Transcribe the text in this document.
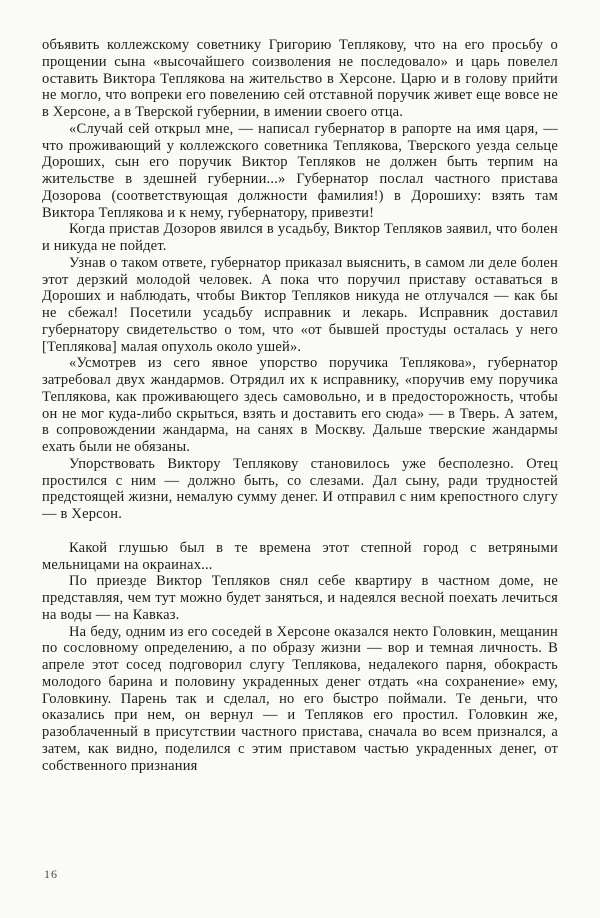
объявить коллежскому советнику Григорию Теплякову, что на его просьбу о прощении сына «высочайшего соизволения не последовало» и царь повелел оставить Виктора Теплякова на жительство в Херсоне. Царю и в голову прийти не могло, что вопреки его повелению сей отставной поручик живет еще вовсе не в Херсоне, а в Тверской губернии, в имении своего отца.

«Случай сей открыл мне, — написал губернатор в рапорте на имя царя, — что проживающий у коллежского советника Теплякова, Тверского уезда сельце Дороших, сын его поручик Виктор Тепляков не должен быть терпим на жительстве в здешней губернии...» Губернатор послал частного пристава Дозорова (соответствующая должности фамилия!) в Дорошиху: взять там Виктора Теплякова и к нему, губернатору, привезти!

Когда пристав Дозоров явился в усадьбу, Виктор Тепляков заявил, что болен и никуда не пойдет.

Узнав о таком ответе, губернатор приказал выяснить, в самом ли деле болен этот дерзкий молодой человек. А пока что поручил приставу оставаться в Дороших и наблюдать, чтобы Виктор Тепляков никуда не отлучался — как бы не сбежал! Посетили усадьбу исправник и лекарь. Исправник доставил губернатору свидетельство о том, что «от бывшей простуды осталась у него [Теплякова] малая опухоль около ушей».

«Усмотрев из сего явное упорство поручика Теплякова», губернатор затребовал двух жандармов. Отрядил их к исправнику, «поручив ему поручика Теплякова, как проживающего здесь самовольно, и в предосторожность, чтобы он не мог куда-либо скрыться, взять и доставить его сюда» — в Тверь. А затем, в сопровождении жандарма, на санях в Москву. Дальше тверские жандармы ехать были не обязаны.

Упорствовать Виктору Теплякову становилось уже бесполезно. Отец простился с ним — должно быть, со слезами. Дал сыну, ради трудностей предстоящей жизни, немалую сумму денег. И отправил с ним крепостного слугу — в Херсон.

Какой глушью был в те времена этот степной город с ветряными мельницами на окраинах...

По приезде Виктор Тепляков снял себе квартиру в частном доме, не представляя, чем тут можно будет заняться, и надеялся весной поехать лечиться на воды — на Кавказ.

На беду, одним из его соседей в Херсоне оказался некто Головкин, мещанин по сословному определению, а по образу жизни — вор и темная личность. В апреле этот сосед подговорил слугу Теплякова, недалекого парня, обокрасть молодого барина и половину украденных денег отдать «на сохранение» ему, Головкину. Парень так и сделал, но его быстро поймали. Те деньги, что оказались при нем, он вернул — и Тепляков его простил. Головкин же, разоблаченный в присутствии частного пристава, сначала во всем признался, а затем, как видно, поделился с этим приставом частью украденных денег, от собственного признания

16
